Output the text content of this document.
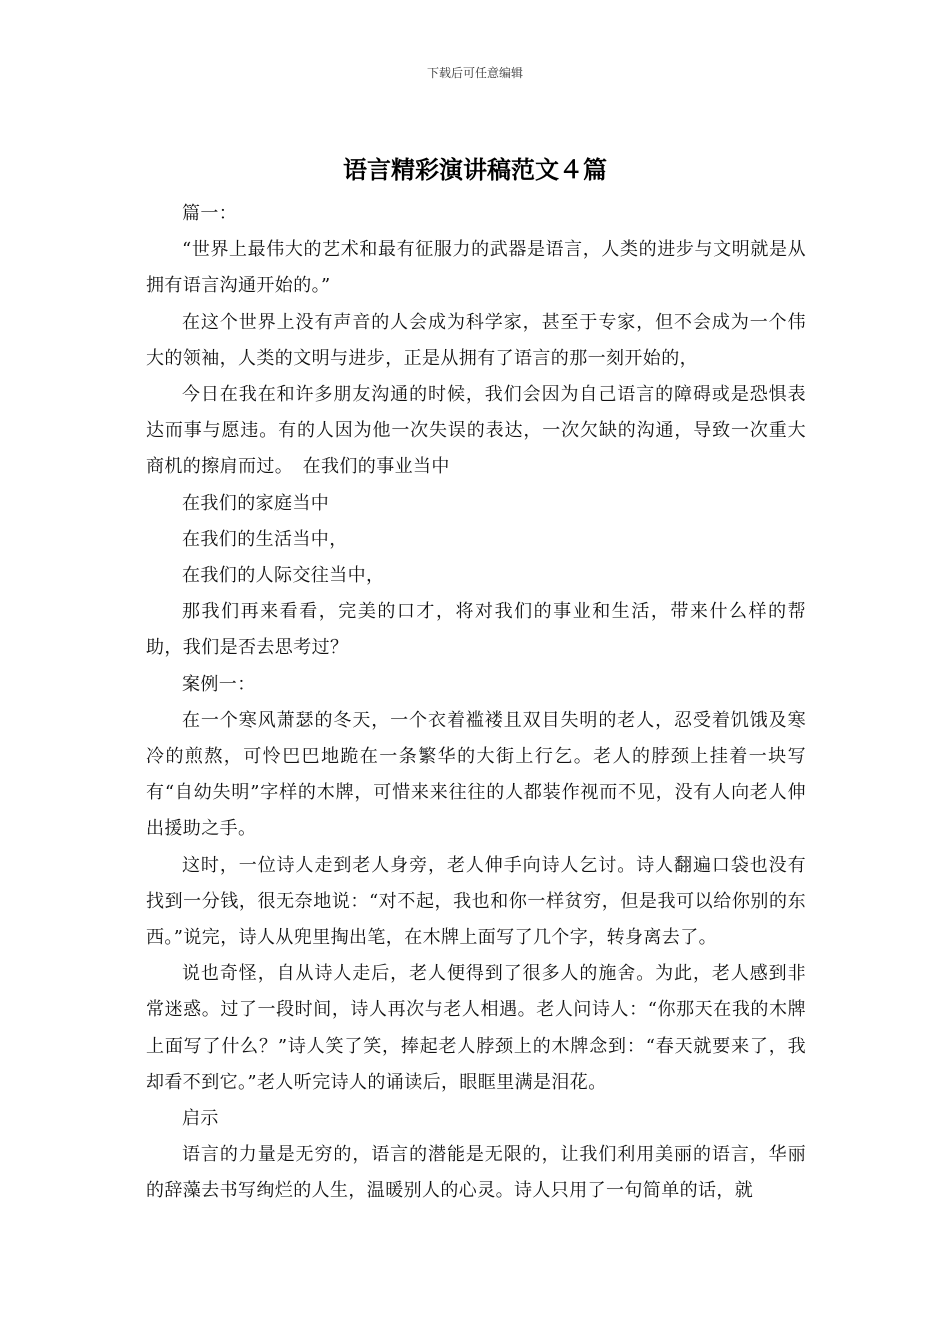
下载后可任意编辑
语言精彩演讲稿范文４篇

篇一：

“世界上最伟大的艺术和最有征服力的武器是语言，人类的进步与文明就是从拥有语言沟通开始的。”

在这个世界上没有声音的人会成为科学家，甚至于专家，但不会成为一个伟大的领袖，人类的文明与进步，正是从拥有了语言的那一刻开始的，

今日在我在和许多朋友沟通的时候，我们会因为自己语言的障碍或是恐惧表达而事与愿违。有的人因为他一次失误的表达，一次欠缺的沟通，导致一次重大商机的擦肩而过。　在我们的事业当中

在我们的家庭当中

在我们的生活当中，

在我们的人际交往当中，

那我们再来看看，完美的口才，将对我们的事业和生活，带来什么样的帮助，我们是否去思考过？

案例一：

在一个寒风萧瑟的冬天，一个衣着褴褛且双目失明的老人，忍受着饥饿及寒冷的煎熬，可怜巴巴地跪在一条繁华的大街上行乞。老人的脖颈上挂着一块写有“自幼失明”字样的木牌，可惜来来往往的人都装作视而不见，没有人向老人伸出援助之手。

这时，一位诗人走到老人身旁，老人伸手向诗人乞讨。诗人翻遍口袋也没有找到一分钱，很无奈地说：“对不起，我也和你一样贫穷，但是我可以给你别的东西。”说完，诗人从兜里掏出笔，在木牌上面写了几个字，转身离去了。

说也奇怪，自从诗人走后，老人便得到了很多人的施舍。为此，老人感到非常迷惑。过了一段时间，诗人再次与老人相遇。老人问诗人：“你那天在我的木牌上面写了什么？”诗人笑了笑，捧起老人脖颈上的木牌念到：“春天就要来了，我却看不到它。”老人听完诗人的诵读后，眼眶里满是泪花。

启示

语言的力量是无穷的，语言的潜能是无限的，让我们利用美丽的语言，华丽的辞藻去书写绚烂的人生，温暖别人的心灵。诗人只用了一句简单的话，就
